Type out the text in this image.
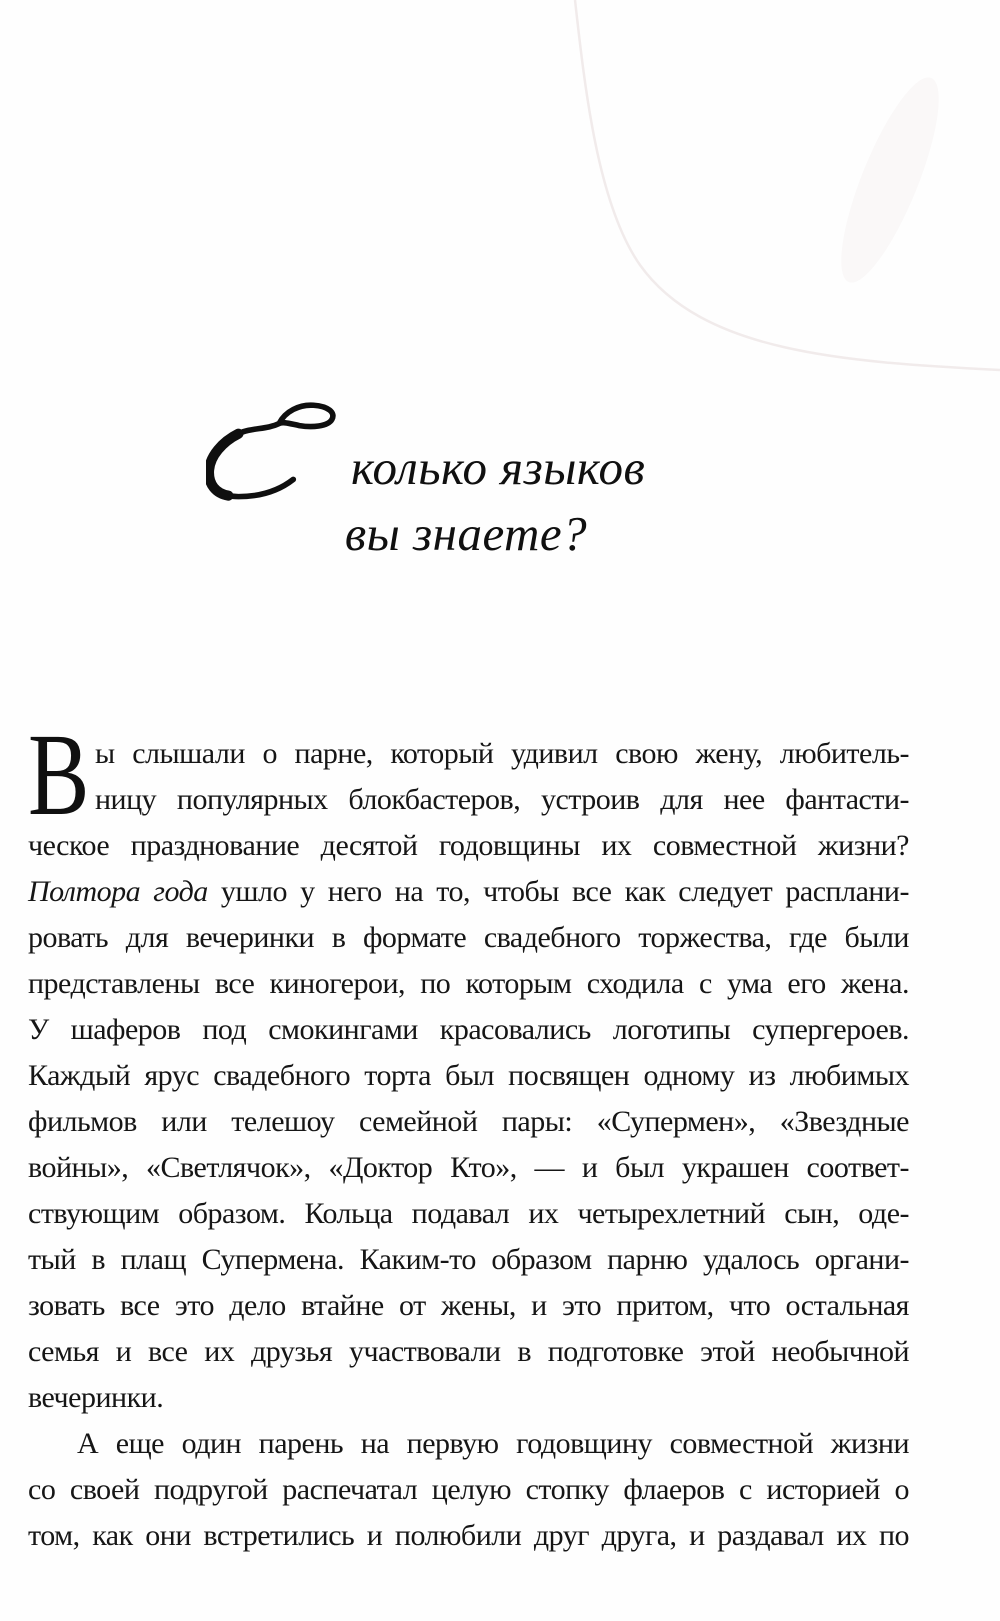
колько языков
вы знаете?
В ы слышали о парне, который удивил свою жену, любитель-
ницу популярных блокбастеров, устроив для нее фантасти-
ческое празднование десятой годовщины их совместной жизни?
Полтора года ушло у него на то, чтобы все как следует расплани-
ровать для вечеринки в формате свадебного торжества, где были
представлены все киногерои, по которым сходила с ума его жена.
У шаферов под смокингами красовались логотипы супергероев.
Каждый ярус свадебного торта был посвящен одному из любимых
фильмов или телешоу семейной пары: «Супермен», «Звездные
войны», «Светлячок», «Доктор Кто», — и был украшен соответ-
ствующим образом. Кольца подавал их четырехлетний сын, оде-
тый в плащ Супермена. Каким-то образом парню удалось органи-
зовать все это дело втайне от жены, и это притом, что остальная
семья и все их друзья участвовали в подготовке этой необычной
вечеринки.
А еще один парень на первую годовщину совместной жизни
со своей подругой распечатал целую стопку флаеров с историей о
том, как они встретились и полюбили друг друга, и раздавал их по
